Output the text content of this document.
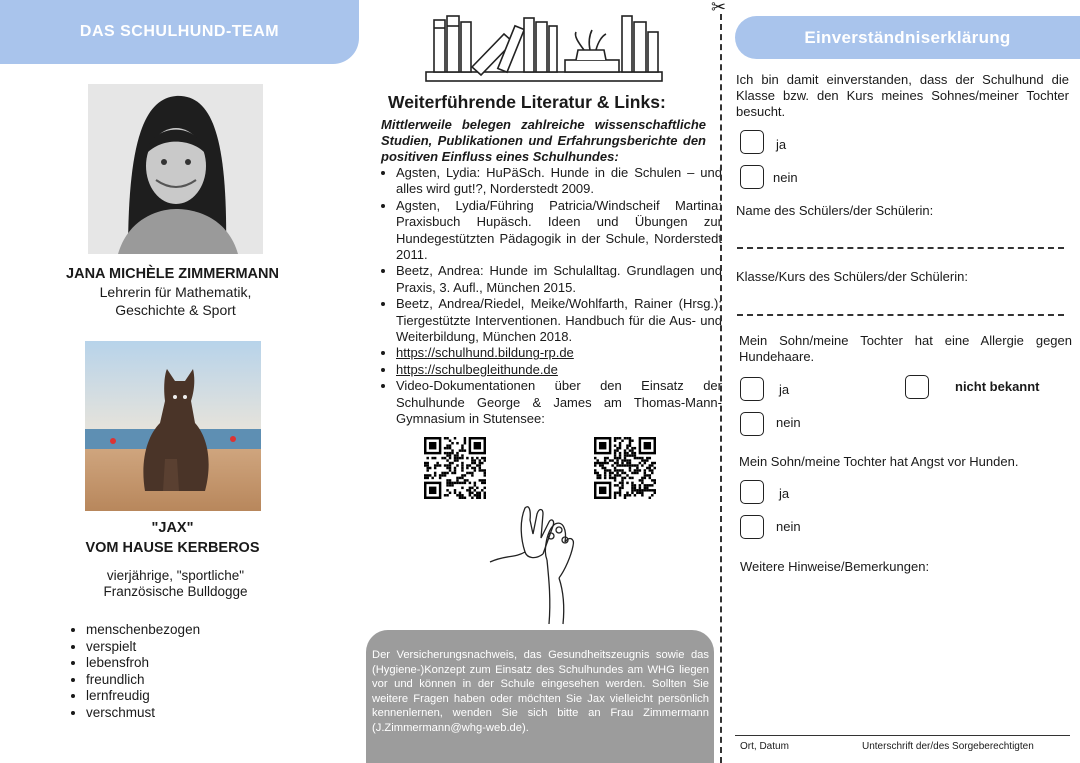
DAS SCHULHUND-TEAM
JANA MICHÈLE ZIMMERMANN
Lehrerin für Mathematik,
Geschichte & Sport
"JAX"
VOM HAUSE KERBEROS
vierjährige, "sportliche"
Französische Bulldogge
• menschenbezogen
• verspielt
• lebensfroh
• freundlich
• lernfreudig
• verschmust
Weiterführende Literatur & Links:
Mittlerweile belegen zahlreiche wissenschaftliche Studien, Publikationen und Erfahrungsberichte den positiven Einfluss eines Schulhundes:
• Agsten, Lydia: HuPäSch. Hunde in die Schulen – und alles wird gut!?, Norderstedt 2009.
• Agsten, Lydia/Führing Patricia/Windscheif Martina: Praxisbuch Hupäsch. Ideen und Übungen zur Hundegestützten Pädagogik in der Schule, Norderstedt 2011.
• Beetz, Andrea: Hunde im Schulalltag. Grundlagen und Praxis, 3. Aufl., München 2015.
• Beetz, Andrea/Riedel, Meike/Wohlfarth, Rainer (Hrsg.): Tiergestützte Interventionen. Handbuch für die Aus- und Weiterbildung, München 2018.
• https://schulhund.bildung-rp.de
• https://schulbegleithunde.de
• Video-Dokumentationen über den Einsatz der Schulhunde George & James am Thomas-Mann-Gymnasium in Stutensee:

Der Versicherungsnachweis, das Gesundheitszeugnis sowie das (Hygiene-)Konzept zum Einsatz des Schulhundes am WHG liegen vor und können in der Schule eingesehen werden. Sollten Sie weitere Fragen haben oder möchten Sie Jax vielleicht persönlich kennenlernen, wenden Sie sich bitte an Frau Zimmermann (J.Zimmermann@whg-web.de).

✂
Einverständniserklärung
Ich bin damit einverstanden, dass der Schulhund die Klasse bzw. den Kurs meines Sohnes/meiner Tochter besucht.
ja
nein
Name des Schülers/der Schülerin:
Klasse/Kurs des Schülers/der Schülerin:
Mein Sohn/meine Tochter hat eine Allergie gegen Hundehaare.
ja	nicht bekannt
nein
Mein Sohn/meine Tochter hat Angst vor Hunden.
ja
nein
Weitere Hinweise/Bemerkungen:
Ort, Datum	Unterschrift der/des Sorgeberechtigten
